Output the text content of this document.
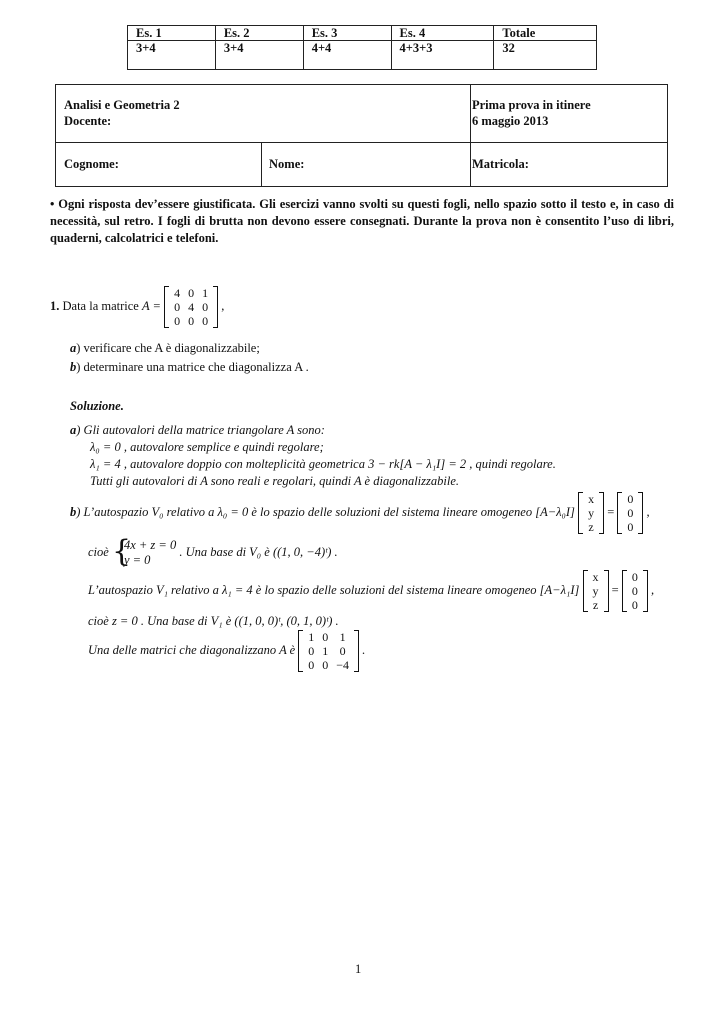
Es. 1	Es. 2	Es. 3	Es. 4	Totale
3+4	3+4	4+4	4+3+3	32
Analisi e Geometria 2
Docente:
Prima prova in itinere
6 maggio 2013
Cognome:	Nome:	Matricola:
• Ogni risposta dev’essere giustificata. Gli esercizi vanno svolti su questi fogli, nello spazio sotto il testo e, in caso di necessità, sul retro. I fogli di brutta non devono essere consegnati. Durante la prova non è consentito l’uso di libri, quaderni, calcolatrici e telefoni.
1. Data la matrice A =
4	0	1
0	4	0
0	0	0
,
a) verificare che A è diagonalizzabile;
b) determinare una matrice che diagonalizza A .
Soluzione.
a) Gli autovalori della matrice triangolare A sono:
λ₀ = 0 , autovalore semplice e quindi regolare;
λ₁ = 4 , autovalore doppio con molteplicità geometrica 3 − rk[A − λ₁I] = 2 , quindi regolare.
Tutti gli autovalori di A sono reali e regolari, quindi A è diagonalizzabile.
b) L’autospazio V₀ relativo a λ₀ = 0 è lo spazio delle soluzioni del sistema lineare omogeneo [A−λ₀I]
x
y
z
=
0
0
0
,
cioè {
4x + z = 0
y = 0
. Una base di V₀ è ((1, 0, −4)ᵗ) .
L’autospazio V₁ relativo a λ₁ = 4 è lo spazio delle soluzioni del sistema lineare omogeneo [A−λ₁I]
x
y
z
=
0
0
0
,
cioè z = 0 . Una base di V₁ è ((1, 0, 0)ᵗ, (0, 1, 0)ᵗ) .
Una delle matrici che diagonalizzano A è
1	0	1
0	1	0
0	0	−4
.
1
